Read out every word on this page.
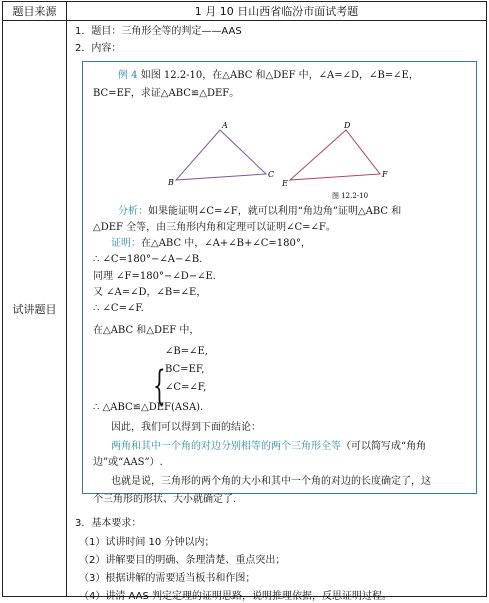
题目来源	1 月 10 日山西省临汾市面试考题
试讲题目
1．题目：三角形全等的判定——AAS
2．内容：
例 4 如图 12.2-10，在△ABC 和△DEF 中，∠A=∠D，∠B=∠E，
BC=EF，求证△ABC≌△DEF。
A
B
C
D
E
F
图 12.2-10
分析：如果能证明∠C=∠F，就可以利用“角边角”证明△ABC 和
△DEF 全等，由三角形内角和定理可以证明∠C=∠F。
证明：在△ABC 中，∠A+∠B+∠C=180°，
∴ ∠C=180°−∠A−∠B.
同理 ∠F=180°−∠D−∠E.
又 ∠A=∠D，∠B=∠E，
∴ ∠C=∠F.
在△ABC 和△DEF 中，
{
∠B=∠E,
BC=EF,
∠C=∠F,
∴ △ABC≌△DEF(ASA).
因此，我们可以得到下面的结论：
两角和其中一个角的对边分别相等的两个三角形全等（可以简写成“角角
边”或“AAS”）.
也就是说，三角形的两个角的大小和其中一个角的对边的长度确定了，这
个三角形的形状、大小就确定了.
3．基本要求：
（1）试讲时间 10 分钟以内；
（2）讲解要目的明确、条理清楚、重点突出；
（3）根据讲解的需要适当板书和作图；
（4）讲清 AAS 判定定理的证明思路，说明推理依据，反思证明过程。
